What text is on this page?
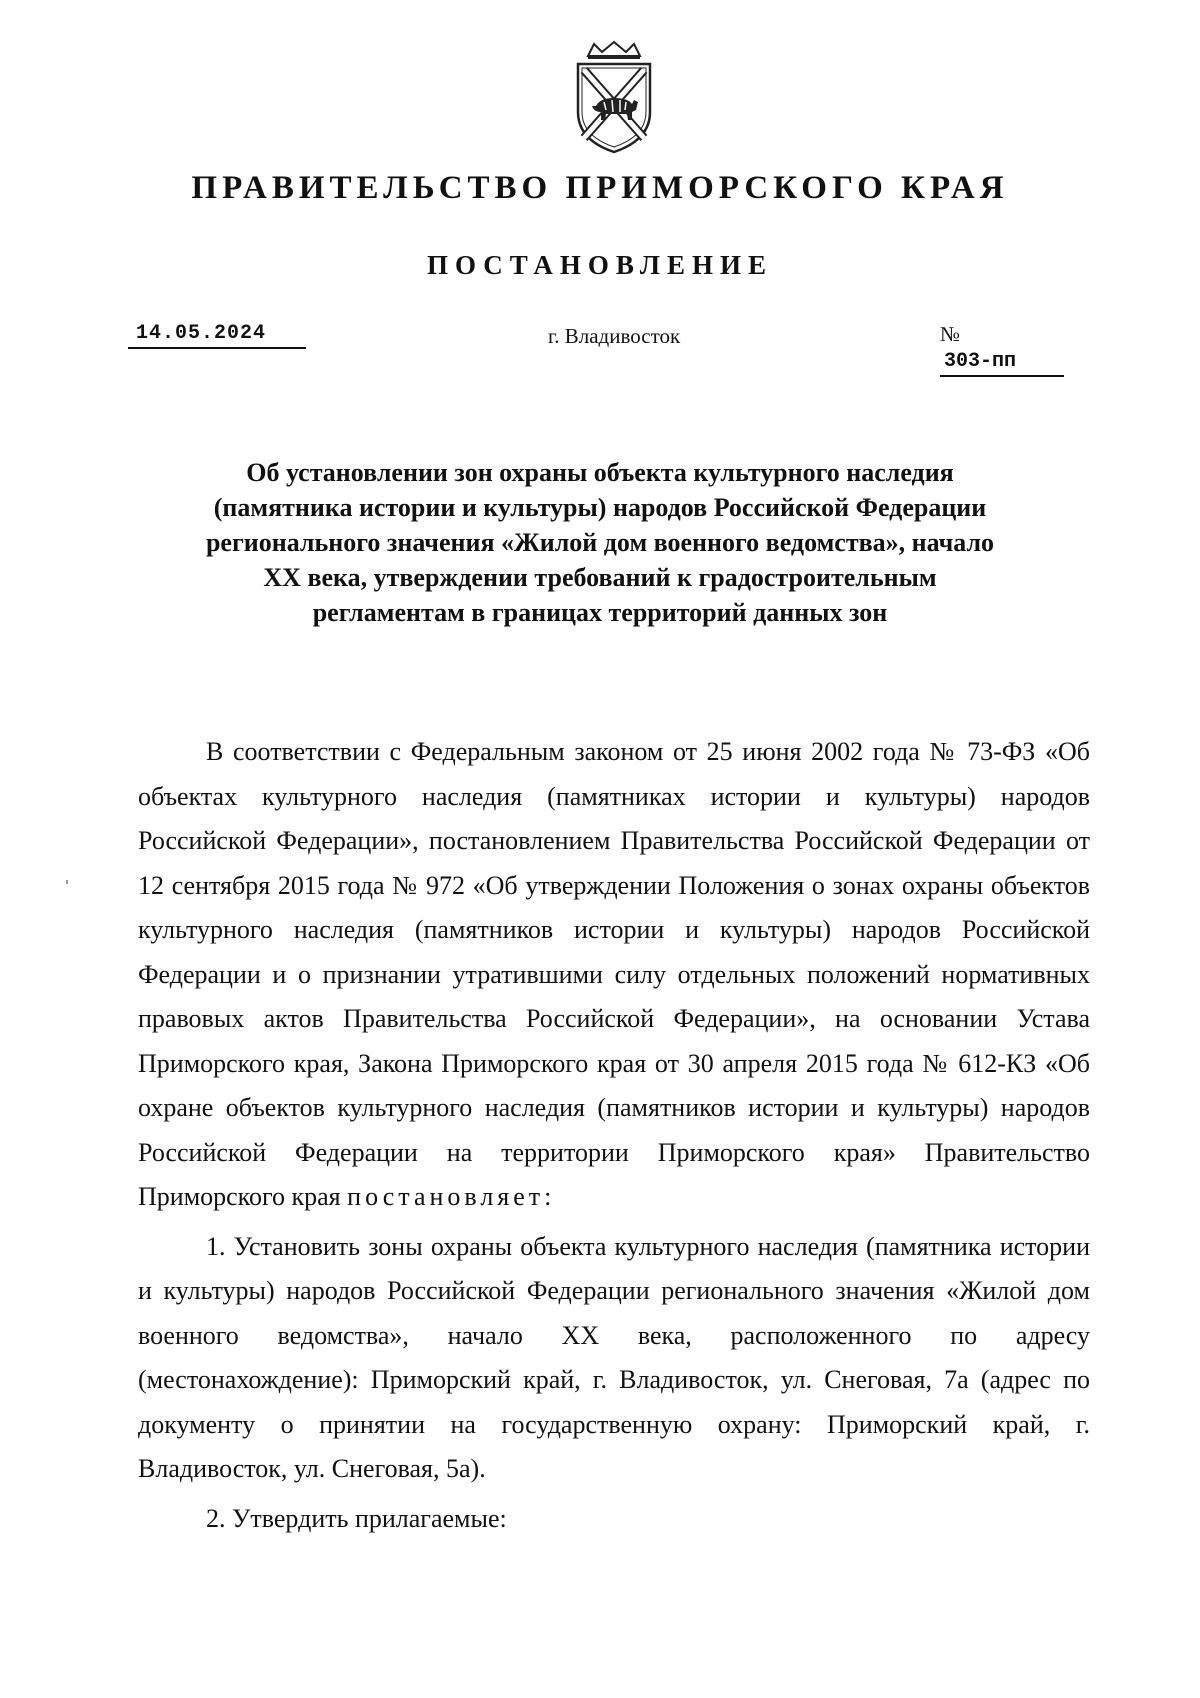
ПРАВИТЕЛЬСТВО ПРИМОРСКОГО КРАЯ
ПОСТАНОВЛЕНИЕ
14.05.2024	г. Владивосток	№303-пп
Об установлении зон охраны объекта культурного наследия (памятника истории и культуры) народов Российской Федерации регионального значения «Жилой дом военного ведомства», начало XX века, утверждении требований к градостроительным регламентам в границах территорий данных зон

В соответствии с Федеральным законом от 25 июня 2002 года № 73-ФЗ «Об объектах культурного наследия (памятниках истории и культуры) народов Российской Федерации», постановлением Правительства Российской Федерации от 12 сентября 2015 года № 972 «Об утверждении Положения о зонах охраны объектов культурного наследия (памятников истории и культуры) народов Российской Федерации и о признании утратившими силу отдельных положений нормативных правовых актов Правительства Российской Федерации», на основании Устава Приморского края, Закона Приморского края от 30 апреля 2015 года № 612-КЗ «Об охране объектов культурного наследия (памятников истории и культуры) народов Российской Федерации на территории Приморского края» Правительство Приморского края постановляет:

1. Установить зоны охраны объекта культурного наследия (памятника истории и культуры) народов Российской Федерации регионального значения «Жилой дом военного ведомства», начало XX века, расположенного по адресу (местонахождение): Приморский край, г. Владивосток, ул. Снеговая, 7а (адрес по документу о принятии на государственную охрану: Приморский край, г. Владивосток, ул. Снеговая, 5а).

2. Утвердить прилагаемые:
